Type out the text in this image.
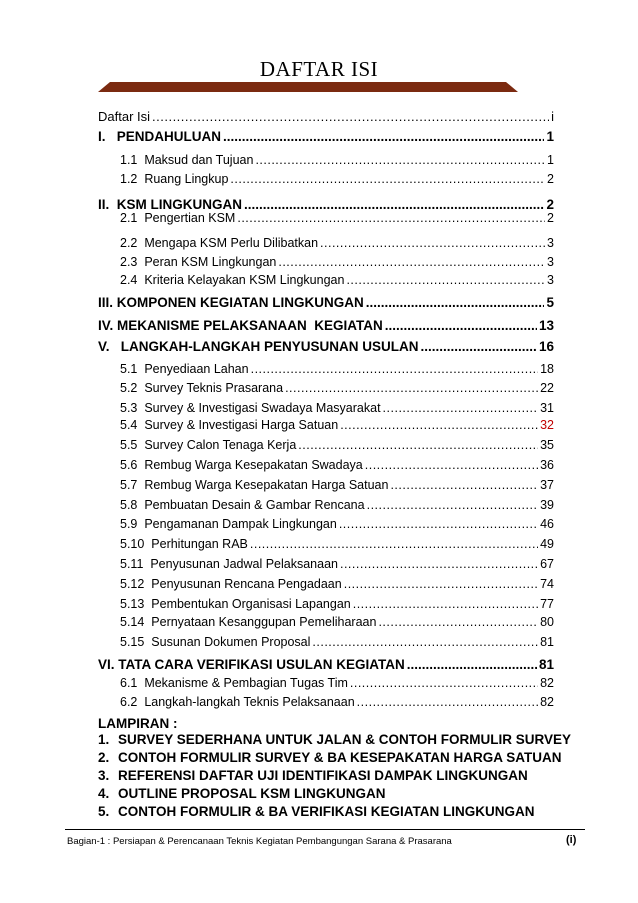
DAFTAR ISI
Daftar Isi .....	i
I.   PENDAHULUAN .....	1
1.1  Maksud dan Tujuan .....	1
1.2  Ruang Lingkup .....	2
II.  KSM LINGKUNGAN .....	2
2.1  Pengertian KSM .....	2
2.2  Mengapa KSM Perlu Dilibatkan .....	3
2.3  Peran KSM Lingkungan .....	3
2.4  Kriteria Kelayakan KSM Lingkungan .....	3
III. KOMPONEN KEGIATAN LINGKUNGAN .....	5
IV. MEKANISME PELAKSANAAN  KEGIATAN .....	13
V.   LANGKAH-LANGKAH PENYUSUNAN USULAN .....	16
5.1  Penyediaan Lahan .....	18
5.2  Survey Teknis Prasarana .....	22
5.3  Survey & Investigasi Swadaya Masyarakat .....	31
5.4  Survey & Investigasi Harga Satuan .....	32
5.5  Survey Calon Tenaga Kerja .....	35
5.6  Rembug Warga Kesepakatan Swadaya .....	36
5.7  Rembug Warga Kesepakatan Harga Satuan .....	37
5.8  Pembuatan Desain & Gambar Rencana .....	39
5.9  Pengamanan Dampak Lingkungan .....	46
5.10  Perhitungan RAB .....	49
5.11  Penyusunan Jadwal Pelaksanaan .....	67
5.12  Penyusunan Rencana Pengadaan .....	74
5.13  Pembentukan Organisasi Lapangan .....	77
5.14  Pernyataan Kesanggupan Pemeliharaan .....	80
5.15  Susunan Dokumen Proposal .....	81
VI. TATA CARA VERIFIKASI USULAN KEGIATAN .....	81
6.1  Mekanisme & Pembagian Tugas Tim .....	82
6.2  Langkah-langkah Teknis Pelaksanaan .....	82
LAMPIRAN :
1. SURVEY SEDERHANA UNTUK JALAN & CONTOH FORMULIR SURVEY
2. CONTOH FORMULIR SURVEY & BA KESEPAKATAN HARGA SATUAN
3. REFERENSI DAFTAR UJI IDENTIFIKASI DAMPAK LINGKUNGAN
4. OUTLINE PROPOSAL KSM LINGKUNGAN
5. CONTOH FORMULIR & BA VERIFIKASI KEGIATAN LINGKUNGAN
Bagian-1 : Persiapan & Perencanaan Teknis Kegiatan Pembangungan Sarana & Prasarana	(i)
